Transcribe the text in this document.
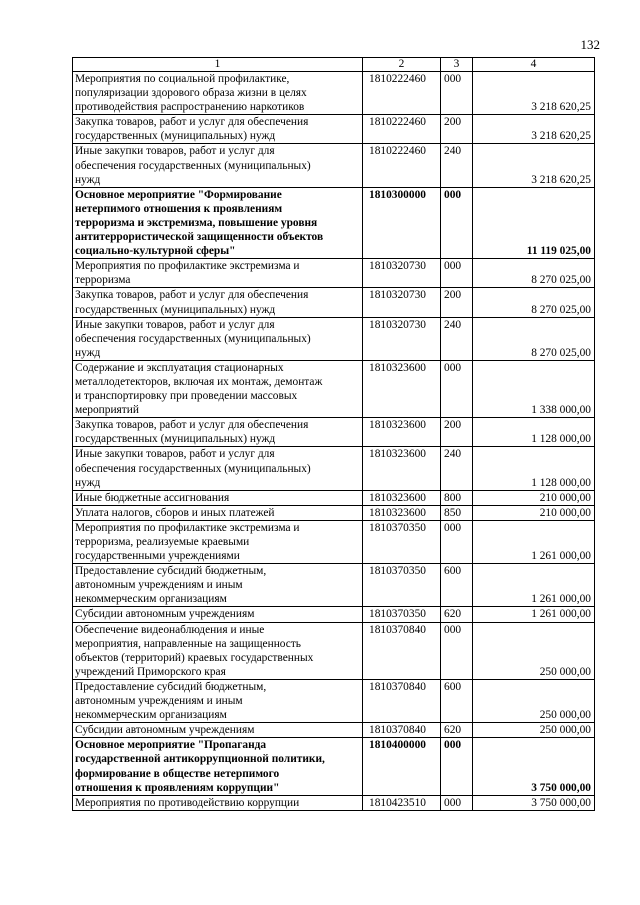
132
1	2	3	4

Мероприятия по социальной профилактике,
популяризации здорового образа жизни в целях
противодействия распространению наркотиков	1810222460	000	3 218 620,25

Закупка товаров, работ и услуг для обеспечения
государственных (муниципальных) нужд	1810222460	200	3 218 620,25

Иные закупки товаров, работ и услуг для
обеспечения государственных (муниципальных)
нужд	1810222460	240	3 218 620,25

Основное мероприятие "Формирование
нетерпимого отношения к проявлениям
терроризма и экстремизма, повышение уровня
антитеррористической защищенности объектов
социально-культурной сферы"	1810300000	000	11 119 025,00

Мероприятия по профилактике экстремизма и
терроризма	1810320730	000	8 270 025,00

Закупка товаров, работ и услуг для обеспечения
государственных (муниципальных) нужд	1810320730	200	8 270 025,00

Иные закупки товаров, работ и услуг для
обеспечения государственных (муниципальных)
нужд	1810320730	240	8 270 025,00

Содержание и эксплуатация стационарных
металлодетекторов, включая их монтаж, демонтаж
и транспортировку при проведении массовых
мероприятий	1810323600	000	1 338 000,00

Закупка товаров, работ и услуг для обеспечения
государственных (муниципальных) нужд	1810323600	200	1 128 000,00

Иные закупки товаров, работ и услуг для
обеспечения государственных (муниципальных)
нужд	1810323600	240	1 128 000,00

Иные бюджетные ассигнования	1810323600	800	210 000,00

Уплата налогов, сборов и иных платежей	1810323600	850	210 000,00

Мероприятия по профилактике экстремизма и
терроризма, реализуемые краевыми
государственными учреждениями	1810370350	000	1 261 000,00

Предоставление субсидий бюджетным,
автономным учреждениям и иным
некоммерческим организациям	1810370350	600	1 261 000,00

Субсидии автономным учреждениям	1810370350	620	1 261 000,00

Обеспечение видеонаблюдения и иные
мероприятия, направленные на защищенность
объектов (территорий) краевых государственных
учреждений Приморского края	1810370840	000	250 000,00

Предоставление субсидий бюджетным,
автономным учреждениям и иным
некоммерческим организациям	1810370840	600	250 000,00

Субсидии автономным учреждениям	1810370840	620	250 000,00

Основное мероприятие "Пропаганда
государственной антикоррупционной политики,
формирование в обществе нетерпимого
отношения к проявлениям коррупции"	1810400000	000	3 750 000,00

Мероприятия по противодействию коррупции	1810423510	000	3 750 000,00
